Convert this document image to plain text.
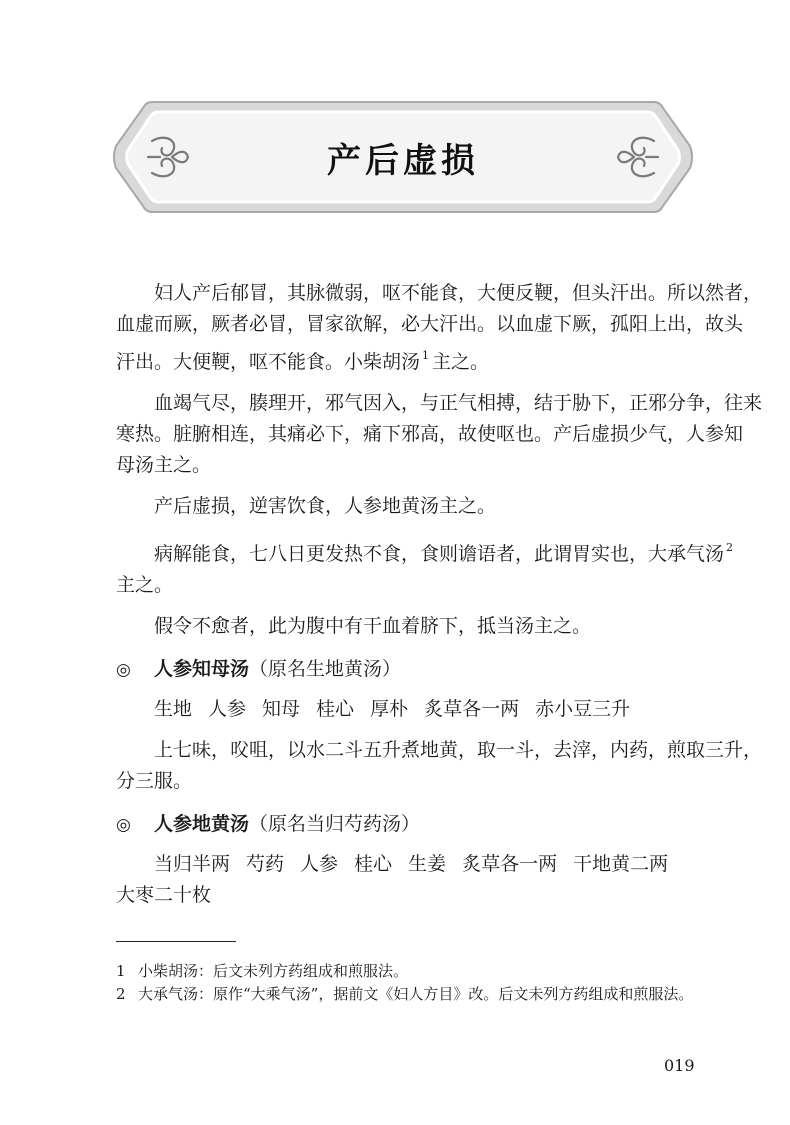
产后虚损
妇人产后郁冒，其脉微弱，呕不能食，大便反鞕，但头汗出。所以然者，
血虚而厥，厥者必冒，冒家欲解，必大汗出。以血虚下厥，孤阳上出，故头
汗出。大便鞕，呕不能食。小柴胡汤 $^1$ 主之。
血竭气尽，腠理开，邪气因入，与正气相搏，结于胁下，正邪分争，往来
寒热。脏腑相连，其痛必下，痛下邪高，故使呕也。产后虚损少气，人参知
母汤主之。
产后虚损，逆害饮食，人参地黄汤主之。
病解能食，七八日更发热不食，食则谵语者，此谓胃实也，大承气汤 $^2$
主之。
假令不愈者，此为腹中有干血着脐下，抵当汤主之。
◎ 人参知母汤（原名生地黄汤）
生地 人参 知母 桂心 厚朴 炙草各一两 赤小豆三升
上七味，㕮咀，以水二斗五升煮地黄，取一斗，去滓，内药，煎取三升，
分三服。
◎ 人参地黄汤（原名当归芍药汤）
当归半两 芍药 人参 桂心 生姜 炙草各一两 干地黄二两
大枣二十枚
1 小柴胡汤：后文未列方药组成和煎服法。
2 大承气汤：原作“大乘气汤”，据前文《妇人方目》改。后文未列方药组成和煎服法。
019
